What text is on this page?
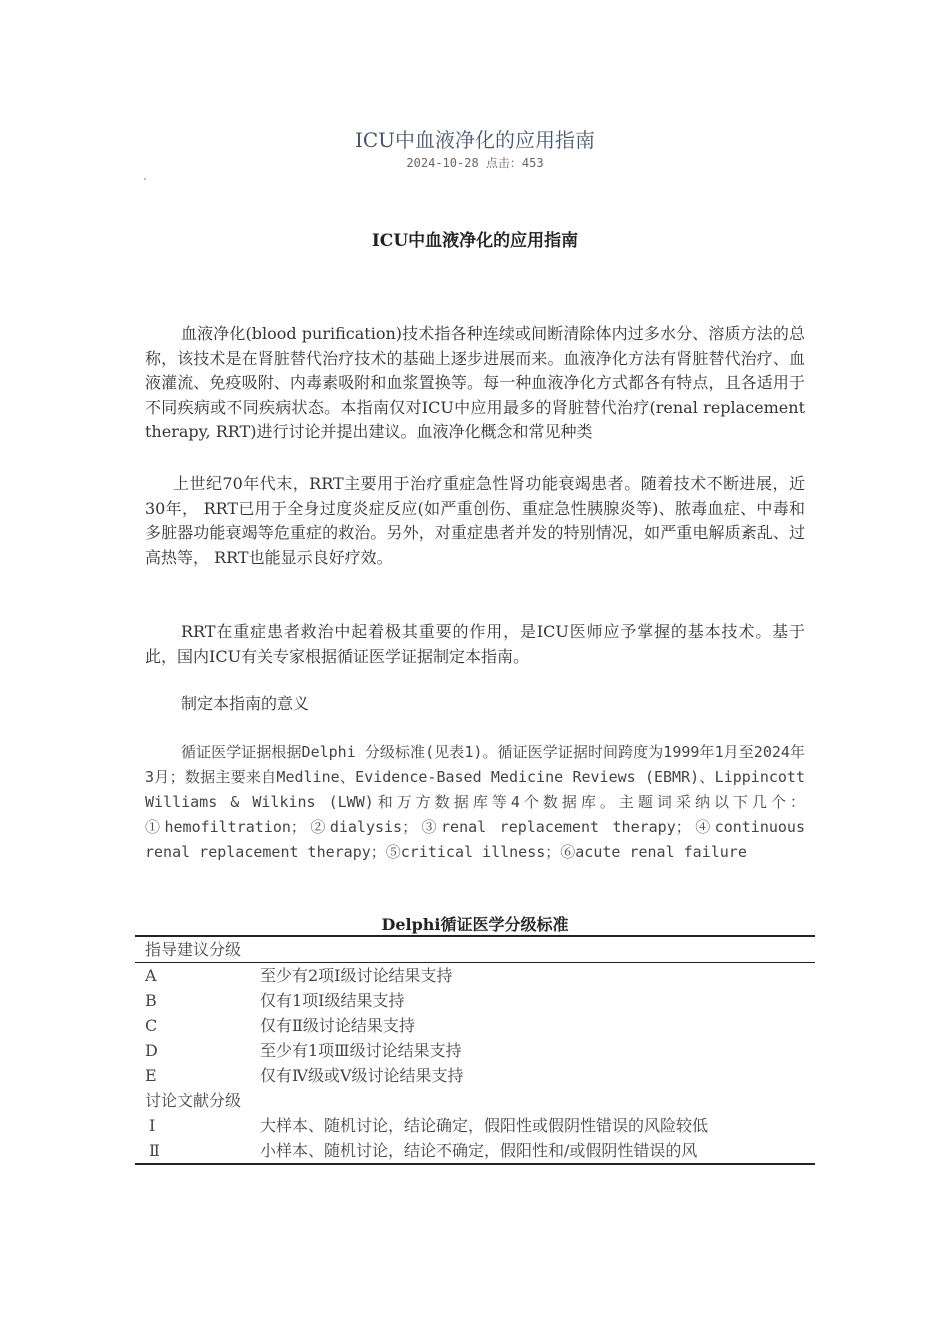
ICU中血液净化的应用指南
2024-10-28 点击：453
ICU中血液净化的应用指南
血液净化(blood purification)技术指各种连续或间断清除体内过多水分、溶质方法的总称，该技术是在肾脏替代治疗技术的基础上逐步进展而来。血液净化方法有肾脏替代治疗、血液灌流、免疫吸附、内毒素吸附和血浆置换等。每一种血液净化方式都各有特点，且各适用于不同疾病或不同疾病状态。本指南仅对ICU中应用最多的肾脏替代治疗(renal replacement therapy, RRT)进行讨论并提出建议。血液净化概念和常见种类
上世纪70年代末，RRT主要用于治疗重症急性肾功能衰竭患者。随着技术不断进展，近30年， RRT已用于全身过度炎症反应(如严重创伤、重症急性胰腺炎等)、脓毒血症、中毒和多脏器功能衰竭等危重症的救治。另外，对重症患者并发的特别情况，如严重电解质紊乱、过高热等， RRT也能显示良好疗效。
RRT在重症患者救治中起着极其重要的作用，是ICU医师应予掌握的基本技术。基于此，国内ICU有关专家根据循证医学证据制定本指南。
制定本指南的意义
循证医学证据根据Delphi 分级标准(见表1)。循证医学证据时间跨度为1999年1月至2024年3月；数据主要来自Medline、Evidence-Based Medicine Reviews (EBMR)、Lippincott Williams & Wilkins (LWW)和万方数据库等4个数据库。主题词采纳以下几个：①hemofiltration；②dialysis；③renal replacement therapy；④continuous renal replacement therapy；⑤critical illness；⑥acute renal failure
Delphi循证医学分级标准
指导建议分级
A	至少有2项Ⅰ级讨论结果支持
B	仅有1项Ⅰ级结果支持
C	仅有Ⅱ级讨论结果支持
D	至少有1项Ⅲ级讨论结果支持
E	仅有Ⅳ级或Ⅴ级讨论结果支持
讨论文献分级
Ⅰ	大样本、随机讨论，结论确定，假阳性或假阴性错误的风险较低
Ⅱ	小样本、随机讨论，结论不确定，假阳性和/或假阴性错误的风
